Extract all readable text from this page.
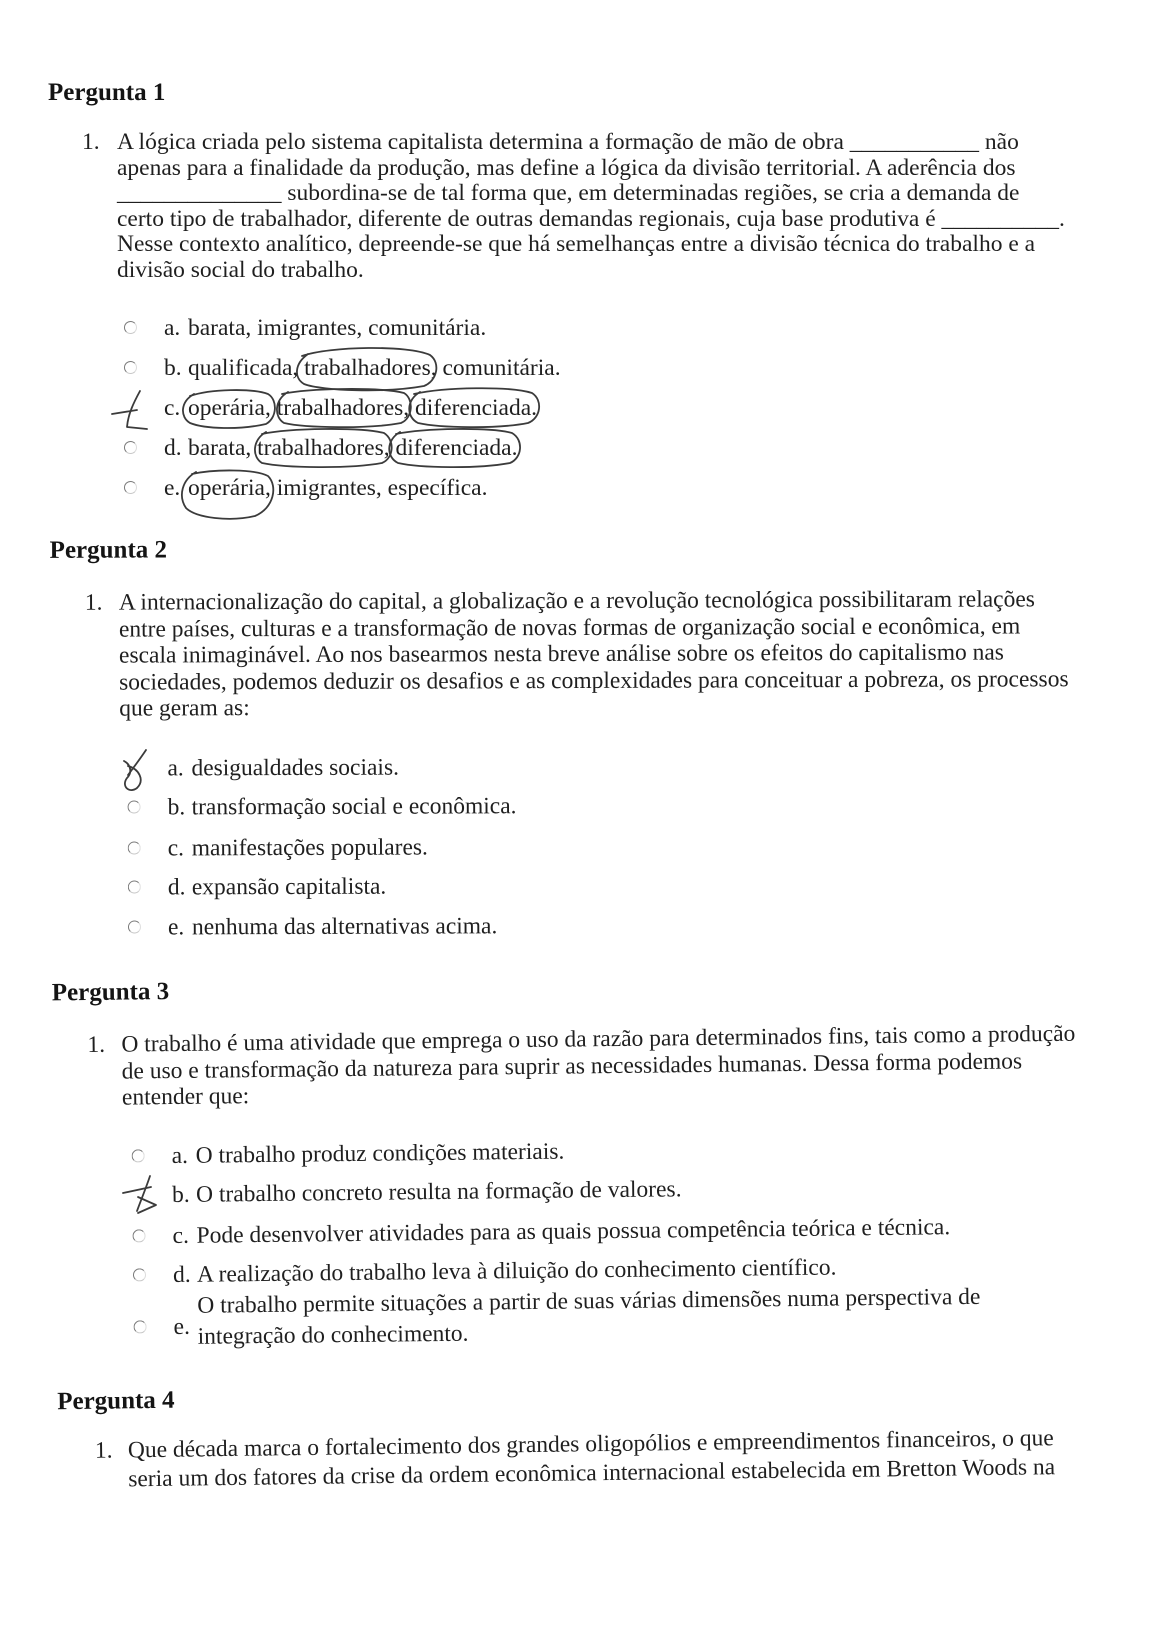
Pergunta 1
1. A lógica criada pelo sistema capitalista determina a formação de mão de obra ___________ não
apenas para a finalidade da produção, mas define a lógica da divisão territorial. A aderência dos
______________ subordina-se de tal forma que, em determinadas regiões, se cria a demanda de
certo tipo de trabalhador, diferente de outras demandas regionais, cuja base produtiva é __________.
Nesse contexto analítico, depreende-se que há semelhanças entre a divisão técnica do trabalho e a
divisão social do trabalho.
a. barata, imigrantes, comunitária.
b. qualificada, trabalhadores, comunitária.
c. operária, trabalhadores, diferenciada.
d. barata, trabalhadores, diferenciada.
e. operária, imigrantes, específica.
Pergunta 2
1. A internacionalização do capital, a globalização e a revolução tecnológica possibilitaram relações
entre países, culturas e a transformação de novas formas de organização social e econômica, em
escala inimaginável. Ao nos basearmos nesta breve análise sobre os efeitos do capitalismo nas
sociedades, podemos deduzir os desafios e as complexidades para conceituar a pobreza, os processos
que geram as:
a. desigualdades sociais.
b. transformação social e econômica.
c. manifestações populares.
d. expansão capitalista.
e. nenhuma das alternativas acima.
Pergunta 3
1. O trabalho é uma atividade que emprega o uso da razão para determinados fins, tais como a produção
de uso e transformação da natureza para suprir as necessidades humanas. Dessa forma podemos
entender que:
a. O trabalho produz condições materiais.
b. O trabalho concreto resulta na formação de valores.
c. Pode desenvolver atividades para as quais possua competência teórica e técnica.
d. A realização do trabalho leva à diluição do conhecimento científico.
e.
O trabalho permite situações a partir de suas várias dimensões numa perspectiva de
integração do conhecimento.
Pergunta 4
1. Que década marca o fortalecimento dos grandes oligopólios e empreendimentos financeiros, o que
seria um dos fatores da crise da ordem econômica internacional estabelecida em Bretton Woods na
